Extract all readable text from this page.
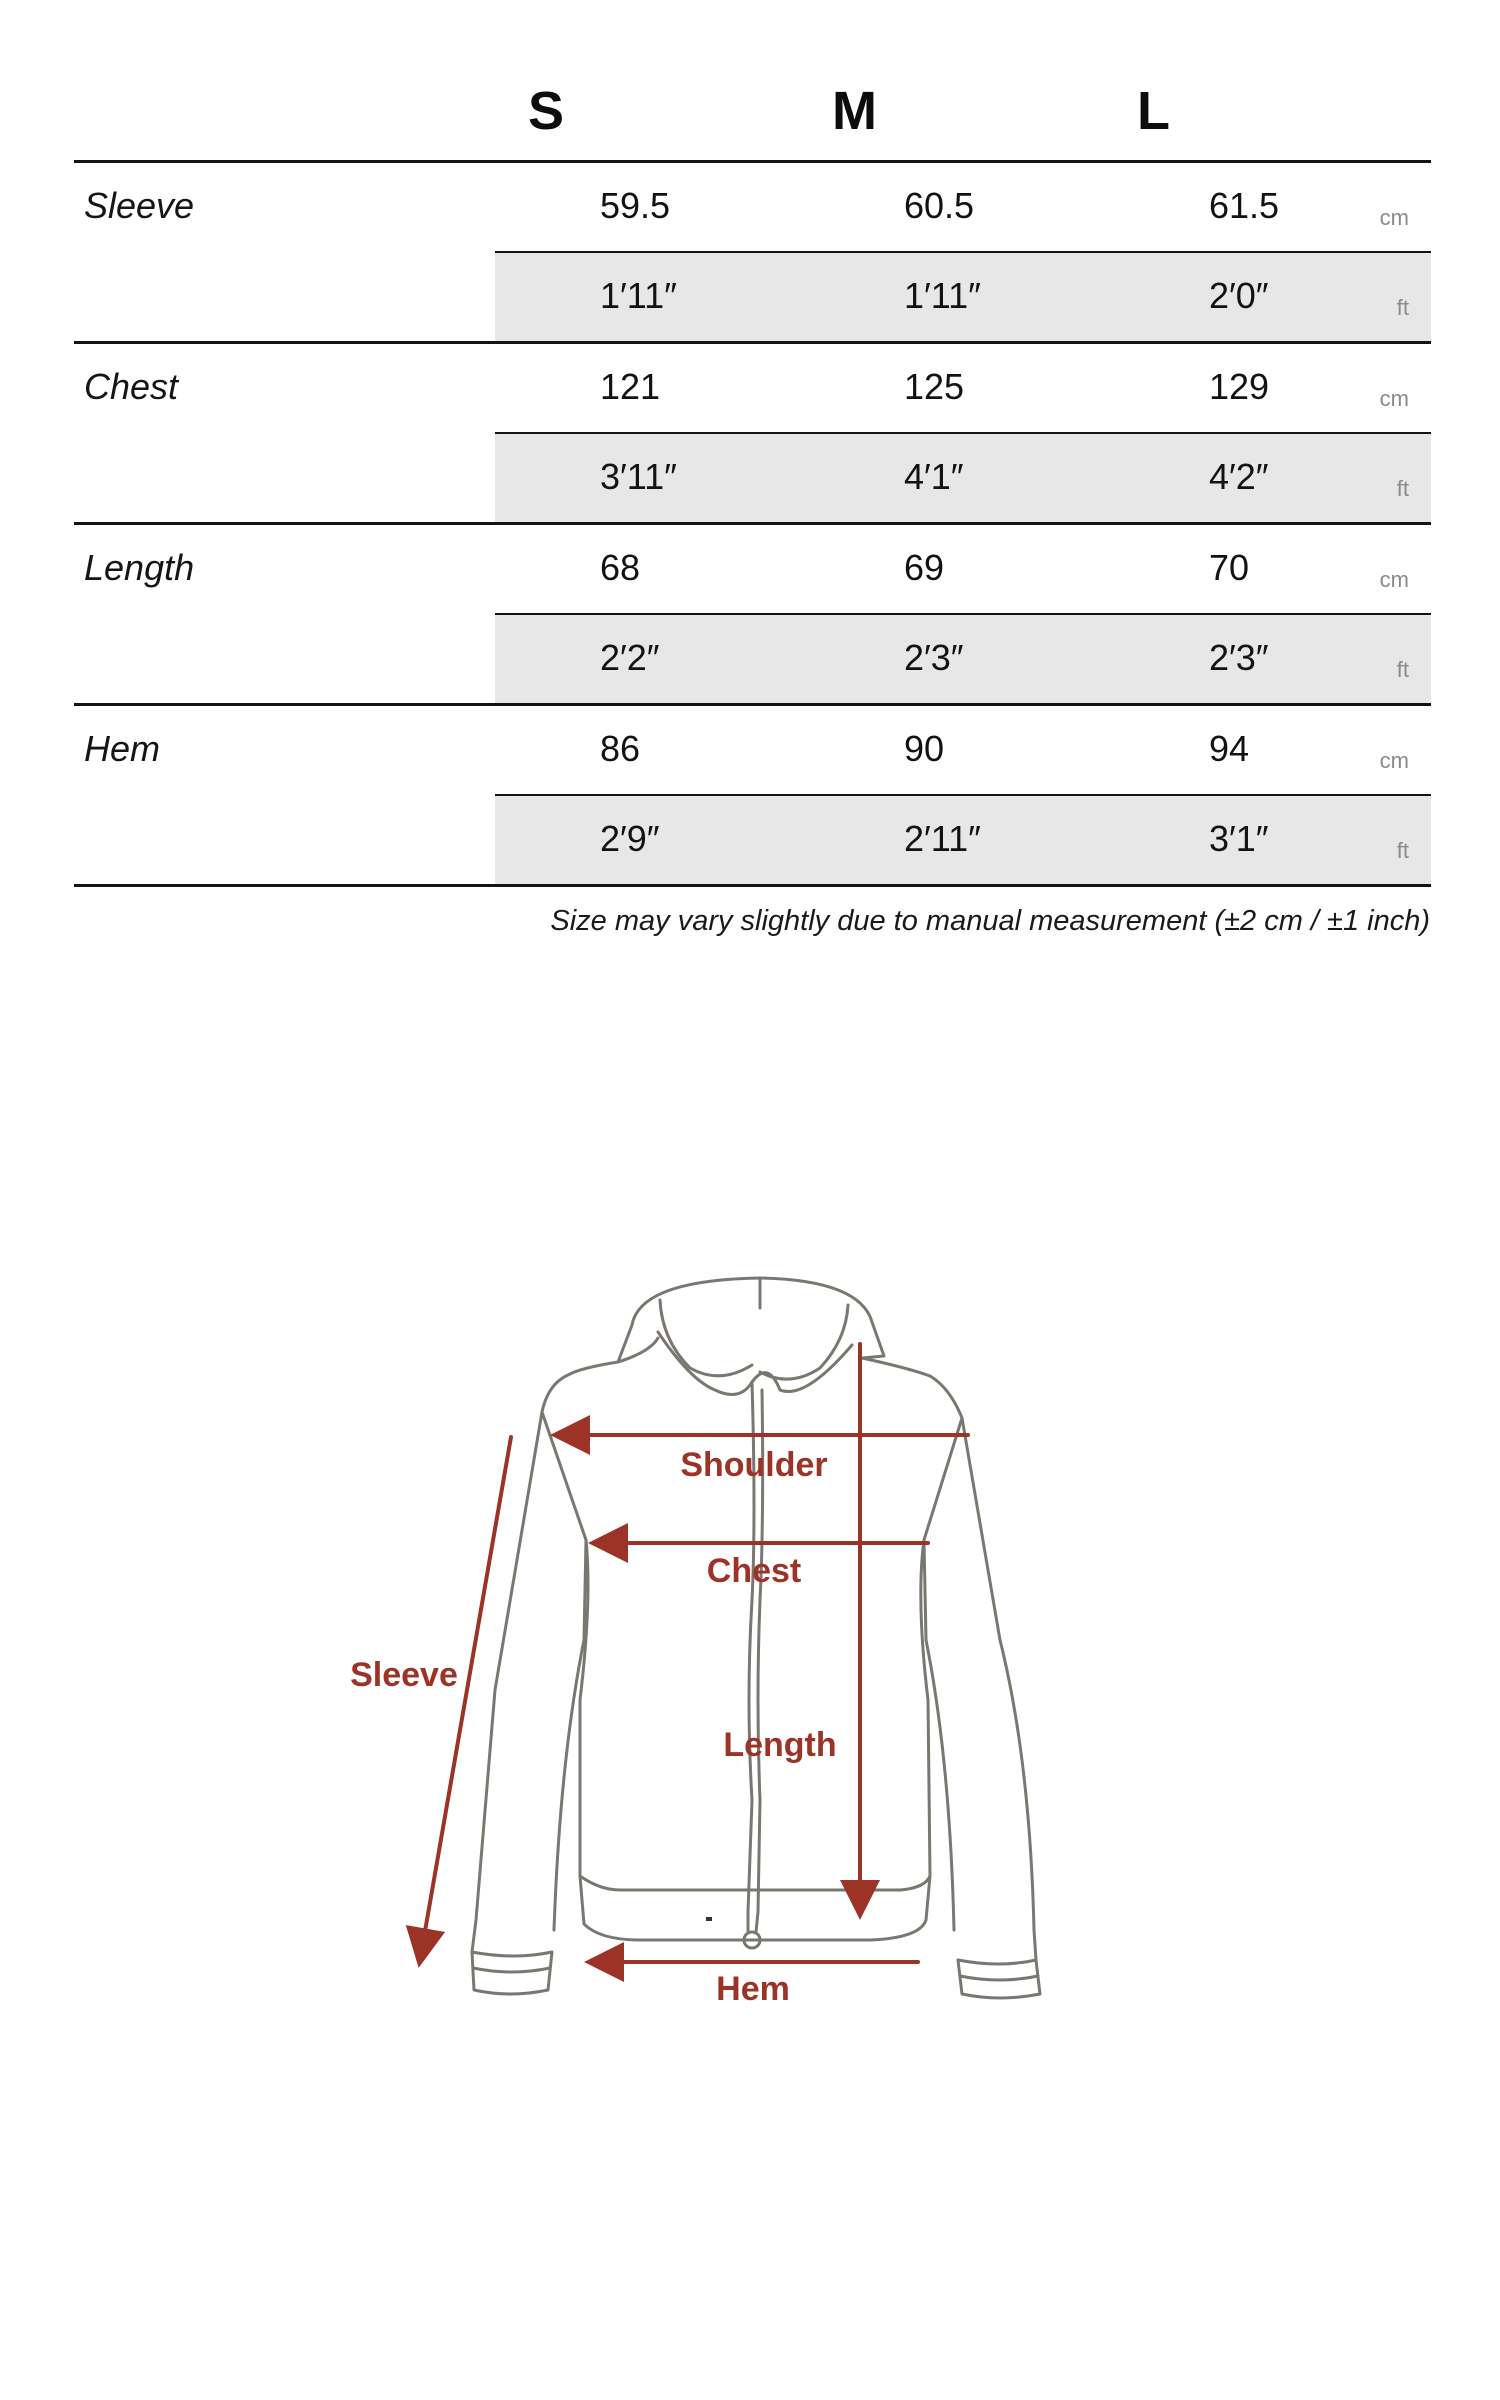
S	M	L
Sleeve	59.5	60.5	61.5	cm
1′11″	1′11″	2′0″	ft
Chest	121	125	129	cm
3′11″	4′1″	4′2″	ft
Length	68	69	70	cm
2′2″	2′3″	2′3″	ft
Hem	86	90	94	cm
2′9″	2′11″	3′1″	ft
Size may vary slightly due to manual measurement (±2 cm / ±1 inch)
Shoulder
Chest
Sleeve
Length
Hem
